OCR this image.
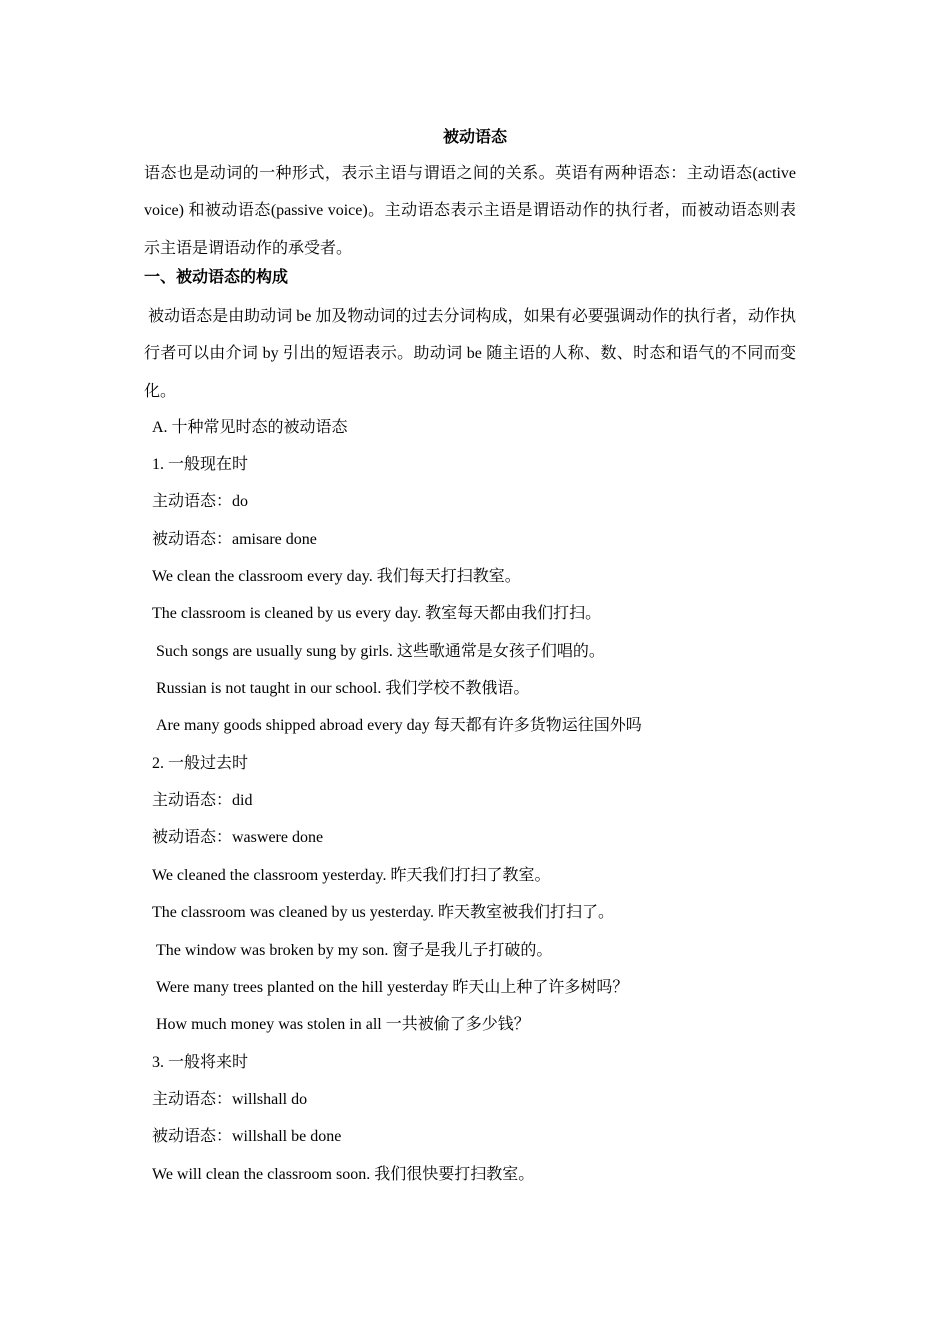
被动语态
语态也是动词的一种形式，表示主语与谓语之间的关系。英语有两种语态：主动语态(active voice) 和被动语态(passive voice)。主动语态表示主语是谓语动作的执行者，而被动语态则表示主语是谓语动作的承受者。
一、被动语态的构成
被动语态是由助动词 be 加及物动词的过去分词构成，如果有必要强调动作的执行者，动作执行者可以由介词 by 引出的短语表示。助动词 be 随主语的人称、数、时态和语气的不同而变化。
A. 十种常见时态的被动语态
1. 一般现在时
主动语态：do
被动语态：amisare done
We clean the classroom every day. 我们每天打扫教室。
The classroom is cleaned by us every day. 教室每天都由我们打扫。
Such songs are usually sung by girls. 这些歌通常是女孩子们唱的。
Russian is not taught in our school. 我们学校不教俄语。
Are many goods shipped abroad every day 每天都有许多货物运往国外吗
2. 一般过去时
主动语态：did
被动语态：waswere done
We cleaned the classroom yesterday. 昨天我们打扫了教室。
The classroom was cleaned by us yesterday. 昨天教室被我们打扫了。
The window was broken by my son. 窗子是我儿子打破的。
Were many trees planted on the hill yesterday 昨天山上种了许多树吗？
How much money was stolen in all 一共被偷了多少钱？
3. 一般将来时
主动语态：willshall do
被动语态：willshall be done
We will clean the classroom soon. 我们很快要打扫教室。
